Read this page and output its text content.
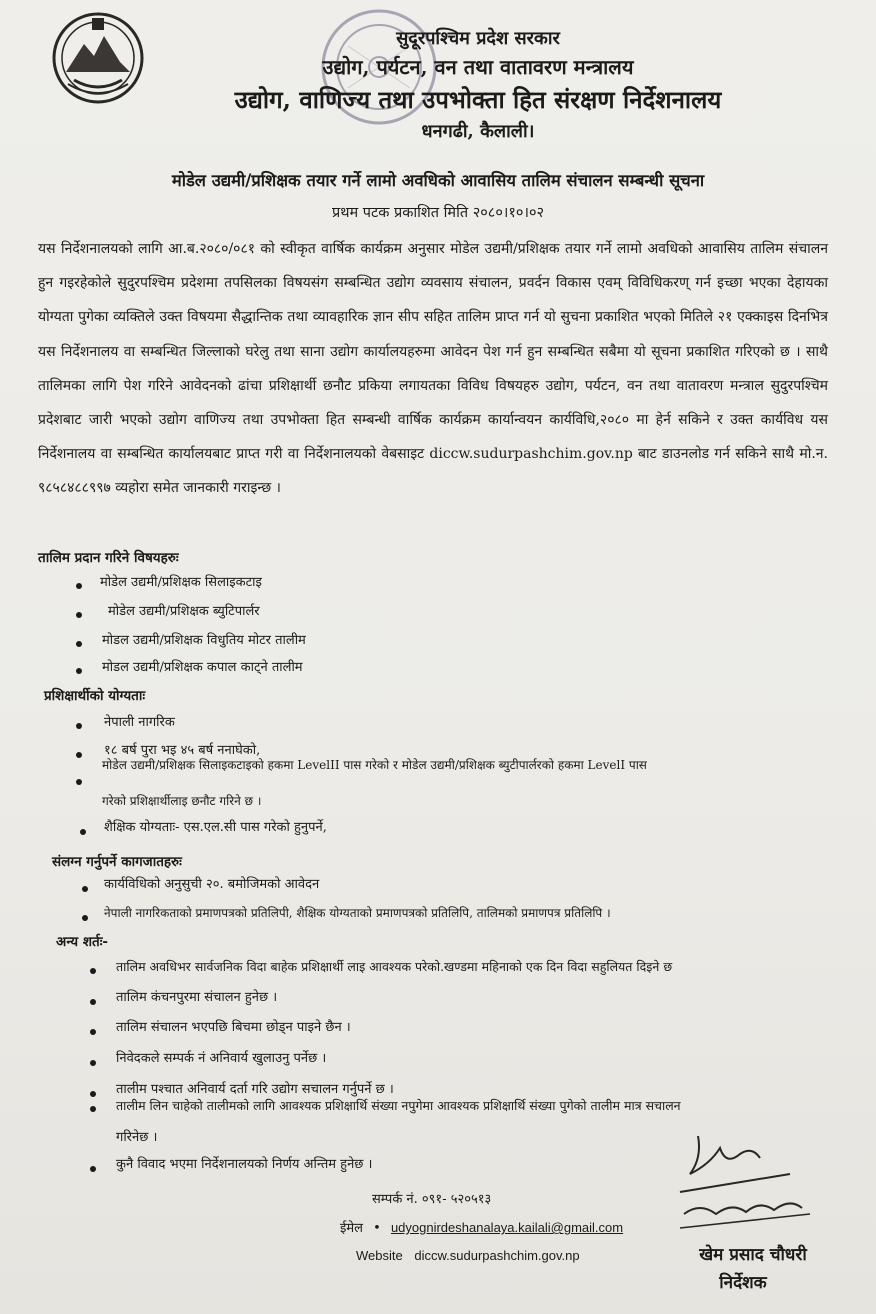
सुदूरपश्चिम प्रदेश सरकार
उद्योग, पर्यटन, वन तथा वातावरण मन्त्रालय
उद्योग, वाणिज्य तथा उपभोक्ता हित संरक्षण निर्देशनालय
धनगढी, कैलाली।
मोडेल उद्यमी/प्रशिक्षक तयार गर्ने लामो अवधिको आवासिय तालिम संचालन सम्बन्धी सूचना
प्रथम पटक प्रकाशित मिति २०८०।१०।०२
यस निर्देशनालयको लागि आ.ब.२०८०/०८१ को स्वीकृत वार्षिक कार्यक्रम अनुसार मोडेल उद्यमी/प्रशिक्षक तयार गर्ने लामो अवधिको आवासिय तालिम संचालन हुन गइरहेकोले सुदुरपश्चिम प्रदेशमा तपसिलका विषयसंग सम्बन्धित उद्योग व्यवसाय संचालन, प्रवर्दन विकास एवम् विविधिकरण् गर्न इच्छा भएका देहायका योग्यता पुगेका व्यक्तिले उक्त विषयमा सैद्धान्तिक तथा व्यावहारिक ज्ञान सीप सहित तालिम प्राप्त गर्न यो सुचना प्रकाशित भएको मितिले २१ एक्काइस दिनभित्र यस निर्देशनालय वा सम्बन्धित जिल्लाको घरेलु तथा साना उद्योग कार्यालयहरुमा आवेदन पेश गर्न हुन सम्बन्धित सबैमा यो सूचना प्रकाशित गरिएको छ । साथै तालिमका लागि पेश गरिने आवेदनको ढांचा प्रशिक्षार्थी छनौट प्रकिया लगायतका विविध विषयहरु उद्योग, पर्यटन, वन तथा वातावरण मन्त्राल सुदुरपश्चिम प्रदेशबाट जारी भएको उद्योग वाणिज्य तथा उपभोक्ता हित सम्बन्धी वार्षिक कार्यक्रम कार्यान्वयन कार्यविधि,२०८० मा हेर्न सकिने र उक्त कार्यविध यस निर्देशनालय वा सम्बन्धित कार्यालयबाट प्राप्त गरी वा निर्देशनालयको वेबसाइट diccw.sudurpashchim.gov.np बाट डाउनलोड गर्न सकिने साथै मो.न. ९८५८४८८९९७ व्यहोरा समेत जानकारी गराइन्छ ।
तालिम प्रदान गरिने विषयहरुः
मोडेल उद्यमी/प्रशिक्षक सिलाइकटाइ
मोडेल उद्यमी/प्रशिक्षक ब्युटिपार्लर
मोडल उद्यमी/प्रशिक्षक विधुतिय मोटर तालीम
मोडल उद्यमी/प्रशिक्षक कपाल काट्ने तालीम
प्रशिक्षार्थीको योग्यताः
नेपाली नागरिक
१८ बर्ष पुरा भइ ४५ बर्ष ननाघेको,
मोडेल उद्यमी/प्रशिक्षक सिलाइकटाइको हकमा LevelII पास गरेको र मोडेल उद्यमी/प्रशिक्षक ब्युटीपार्लरको हकमा LevelI पास
गरेको प्रशिक्षार्थीलाइ छनौट गरिने छ ।
शैक्षिक योग्यताः- एस.एल.सी पास गरेको हुनुपर्ने,
संलग्न गर्नुपर्ने कागजातहरुः
कार्यविधिको अनुसुची २०. बमोजिमको आवेदन
नेपाली नागरिकताको प्रमाणपत्रको प्रतिलिपी, शैक्षिक योग्यताको प्रमाणपत्रको प्रतिलिपि, तालिमको प्रमाणपत्र प्रतिलिपि ।
अन्य शर्तः-
तालिम अवधिभर सार्वजनिक विदा बाहेक प्रशिक्षार्थी लाइ आवश्यक परेको.खण्डमा महिनाको एक दिन विदा सहुलियत दिइने छ
तालिम कंचनपुरमा संचालन हुनेछ ।
तालिम संचालन भएपछि बिचमा छोड्न पाइने छैन ।
निवेदकले सम्पर्क नं अनिवार्य खुलाउनु पर्नेछ ।
तालीम पश्चात अनिवार्य दर्ता गरि उद्योग सचालन गर्नुपर्ने छ ।
तालीम लिन चाहेको तालीमको लागि आवश्यक प्रशिक्षार्थि संख्या नपुगेमा आवश्यक प्रशिक्षार्थि संख्या पुगेको तालीम मात्र सचालन
गरिनेछ ।
कुनै विवाद भएमा निर्देशनालयको निर्णय अन्तिम हुनेछ ।
सम्पर्क नं. ०९१- ५२०५१३
ईमेल • udyognirdeshanalaya.kailali@gmail.com
Website diccw.sudurpashchim.gov.np	खेम प्रसाद चौधरी
निर्देशक
